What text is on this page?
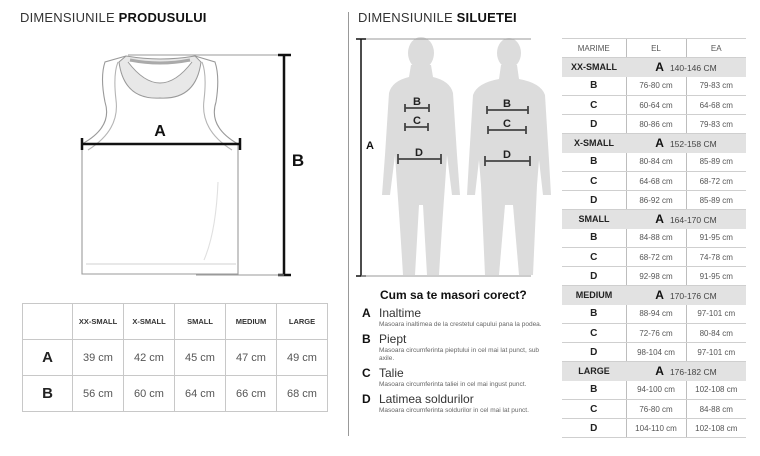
DIMENSIUNILE PRODUSULUI
A
B
	XX-SMALL	X-SMALL	SMALL	MEDIUM	LARGE
A	39 cm	42 cm	45 cm	47 cm	49 cm
B	56 cm	60 cm	64 cm	66 cm	68 cm
DIMENSIUNILE SILUETEI
A
B
C
D
B
C
D
Cum sa te masori corect?
A Inaltime
Masoara inaltimea de la crestetul capului pana la podea.
B Piept
Masoara circumferinta pieptului in cel mai lat punct, sub axile.
C Talie
Masoara circumferinta taliei in cel mai ingust punct.
D Latimea soldurilor
Masoara circumferinta soldurilor in cel mai lat punct.
MARIME	EL	EA
XX-SMALL	A 140-146 CM	
B	76-80 cm	79-83 cm
C	60-64 cm	64-68 cm
D	80-86 cm	79-83 cm
X-SMALL	A 152-158 CM	
B	80-84 cm	85-89 cm
C	64-68 cm	68-72 cm
D	86-92 cm	85-89 cm
SMALL	A 164-170 CM	
B	84-88 cm	91-95 cm
C	68-72 cm	74-78 cm
D	92-98 cm	91-95 cm
MEDIUM	A 170-176 CM	
B	88-94 cm	97-101 cm
C	72-76 cm	80-84 cm
D	98-104 cm	97-101 cm
LARGE	A 176-182 CM	
B	94-100 cm	102-108 cm
C	76-80 cm	84-88 cm
D	104-110 cm	102-108 cm
